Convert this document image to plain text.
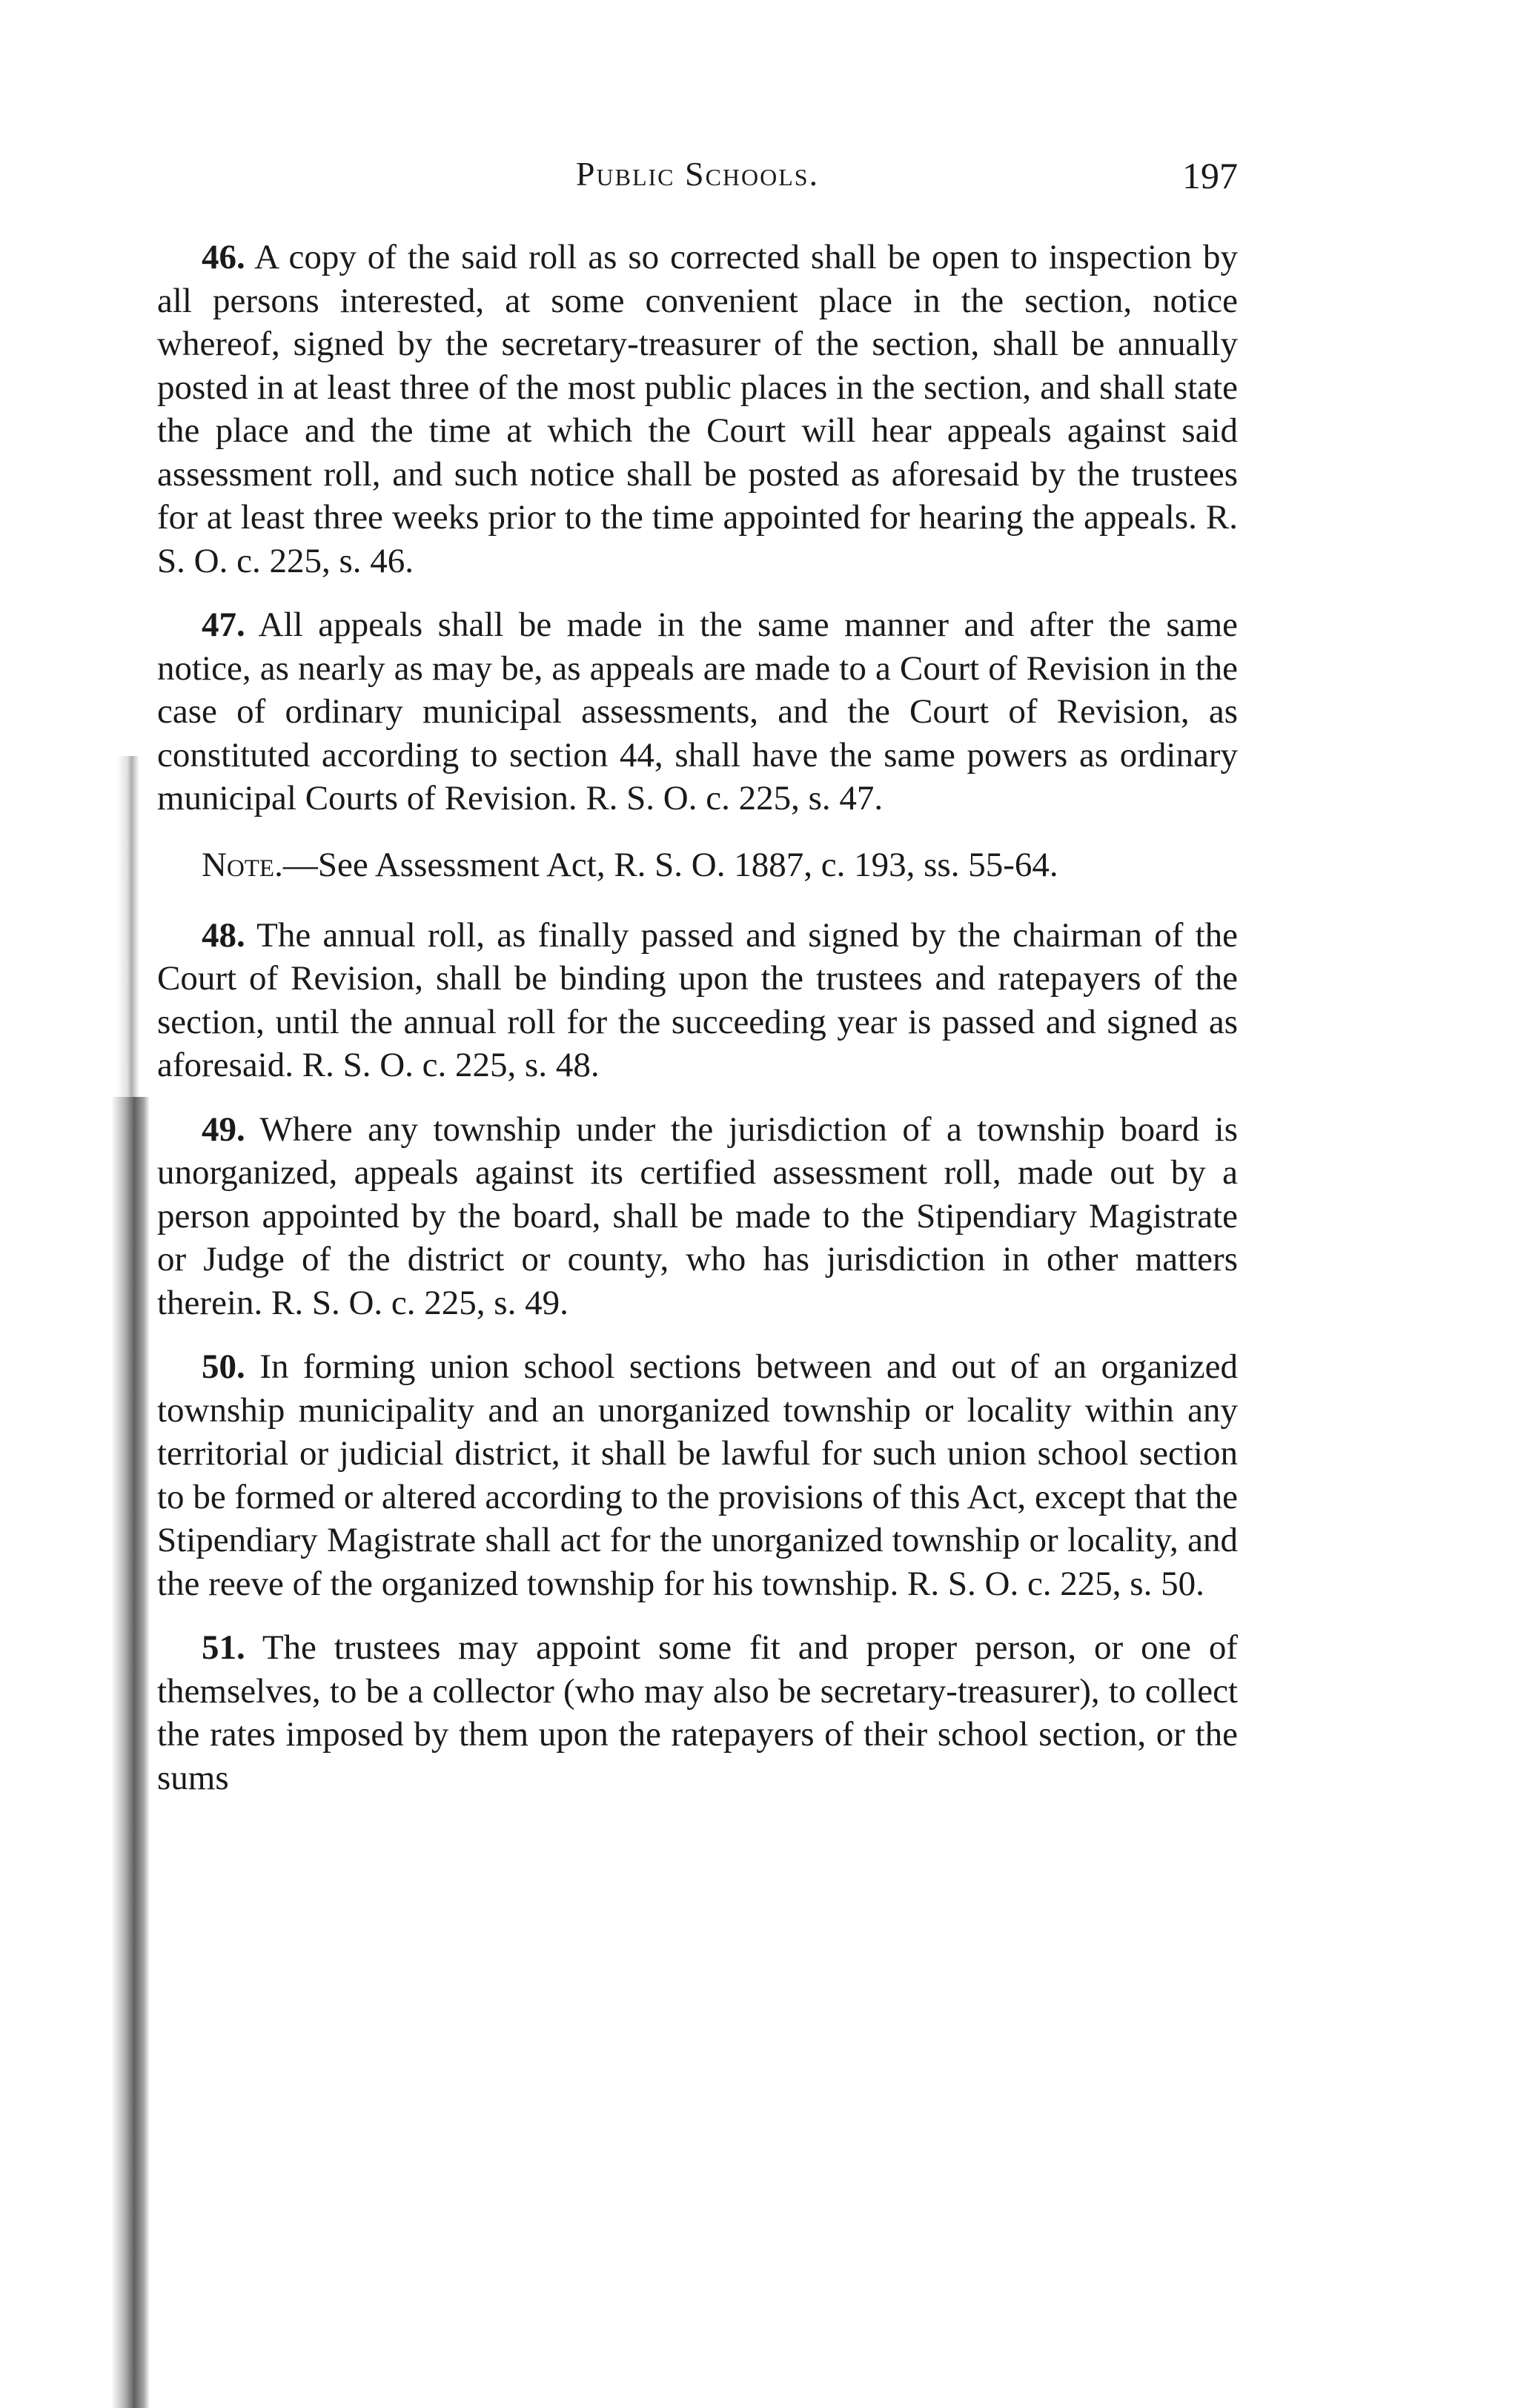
Public Schools.	197

46. A copy of the said roll as so corrected shall be open to inspection by all persons interested, at some convenient place in the section, notice whereof, signed by the secretary-treasurer of the section, shall be annually posted in at least three of the most public places in the section, and shall state the place and the time at which the Court will hear appeals against said assessment roll, and such notice shall be posted as aforesaid by the trustees for at least three weeks prior to the time appointed for hearing the appeals. R. S. O. c. 225, s. 46.

47. All appeals shall be made in the same manner and after the same notice, as nearly as may be, as appeals are made to a Court of Revision in the case of ordinary municipal assessments, and the Court of Revision, as constituted according to section 44, shall have the same powers as ordinary municipal Courts of Revision. R. S. O. c. 225, s. 47.

Note.—See Assessment Act, R. S. O. 1887, c. 193, ss. 55-64.

48. The annual roll, as finally passed and signed by the chairman of the Court of Revision, shall be binding upon the trustees and ratepayers of the section, until the annual roll for the succeeding year is passed and signed as aforesaid. R. S. O. c. 225, s. 48.

49. Where any township under the jurisdiction of a township board is unorganized, appeals against its certified assessment roll, made out by a person appointed by the board, shall be made to the Stipendiary Magistrate or Judge of the district or county, who has jurisdiction in other matters therein. R. S. O. c. 225, s. 49.

50. In forming union school sections between and out of an organized township municipality and an unorganized township or locality within any territorial or judicial district, it shall be lawful for such union school section to be formed or altered according to the provisions of this Act, except that the Stipendiary Magistrate shall act for the unorganized township or locality, and the reeve of the organized township for his township. R. S. O. c. 225, s. 50.

51. The trustees may appoint some fit and proper person, or one of themselves, to be a collector (who may also be secretary-treasurer), to collect the rates imposed by them upon the ratepayers of their school section, or the sums
